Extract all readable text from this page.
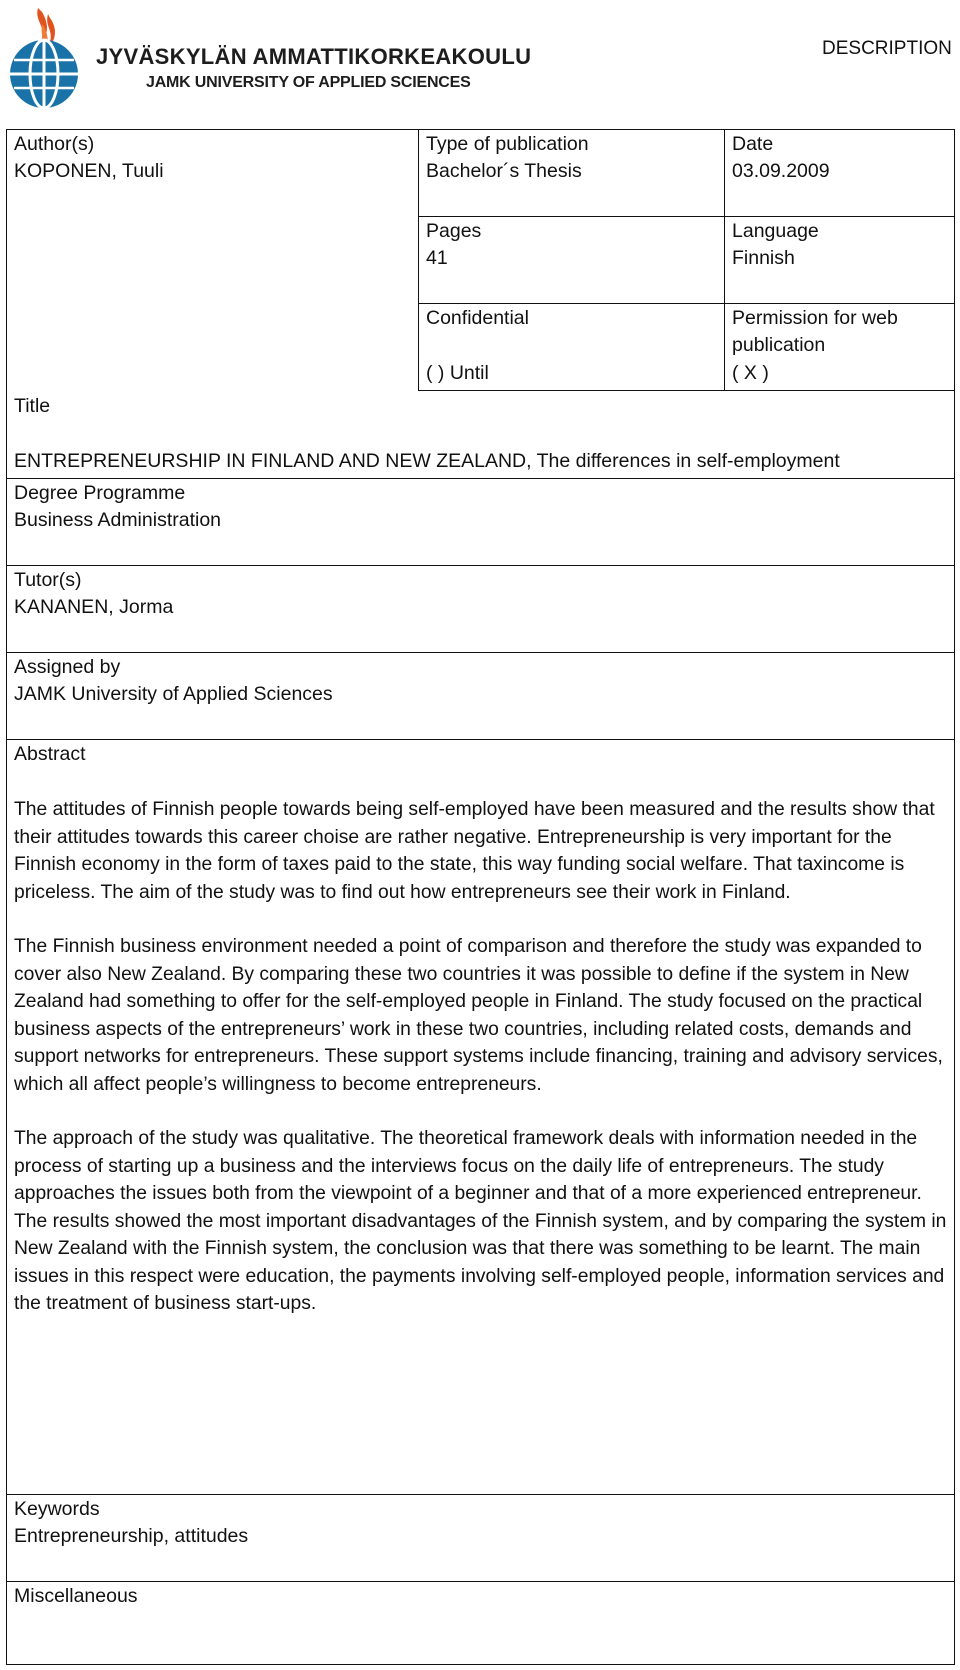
JYVÄSKYLÄN AMMATTIKORKEAKOULU
JAMK UNIVERSITY OF APPLIED SCIENCES
DESCRIPTION
Author(s)
KOPONEN, Tuuli
Type of publication
Bachelor´s Thesis
Date
03.09.2009
Pages
41
Language
Finnish
Confidential
( ) Until
Permission for web publication
( X )
Title
ENTREPRENEURSHIP IN FINLAND AND NEW ZEALAND, The differences in self-employment
Degree Programme
Business Administration
Tutor(s)
KANANEN, Jorma
Assigned by
JAMK University of Applied Sciences
Abstract

The attitudes of Finnish people towards being self-employed have been measured and the results show that their attitudes towards this career choise are rather negative. Entrepreneurship is very important for the Finnish economy in the form of taxes paid to the state, this way funding social welfare. That taxincome is priceless. The aim of the study was to find out how entrepreneurs see their work in Finland.

The Finnish business environment needed a point of comparison and therefore the study was expanded to cover also New Zealand. By comparing these two countries it was possible to define if the system in New Zealand had something to offer for the self-employed people in Finland. The study focused on the practical business aspects of the entrepreneurs’ work in these two countries, including related costs, demands and support networks for entrepreneurs. These support systems include financing, training and advisory services, which all affect people’s willingness to become entrepreneurs.

The approach of the study was qualitative. The theoretical framework deals with information needed in the process of starting up a business and the interviews focus on the daily life of entrepreneurs. The study approaches the issues both from the viewpoint of a beginner and that of a more experienced entrepreneur. The results showed the most important disadvantages of the Finnish system, and by comparing the system in New Zealand with the Finnish system, the conclusion was that there was something to be learnt. The main issues in this respect were education, the payments involving self-employed people, information services and the treatment of business start-ups.

Keywords
Entrepreneurship, attitudes
Miscellaneous
